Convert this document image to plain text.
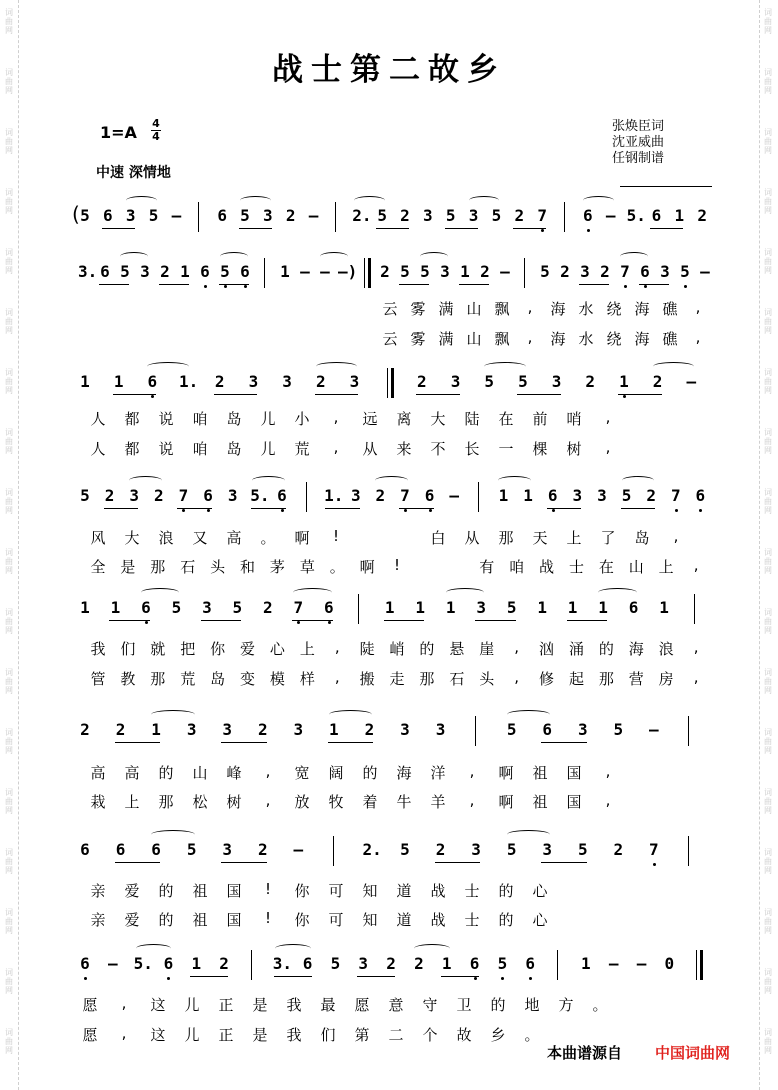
词
曲
网
词
曲
网
词
曲
网
词
曲
网
词
曲
网
词
曲
网
词
曲
网
词
曲
网
词
曲
网
词
曲
网
词
曲
网
词
曲
网
词
曲
网
词
曲
网
词
曲
网
词
曲
网
词
曲
网
词
曲
网
词
曲
网
词
曲
网
词
曲
网
词
曲
网
词
曲
网
词
曲
网
词
曲
网
词
曲
网
词
曲
网
词
曲
网
词
曲
网
词
曲
网
词
曲
网
词
曲
网
词
曲
网
词
曲
网
词
曲
网
词
曲
网
战士第二故乡
$1=A \frac{4}{4}$
中速 深情地
张焕臣词
沈亚威曲
任钢制谱
( 5 6 3 5 – 6 5 3 2 – 2. 5 2 3 5 3 5 2 7 6 – 5. 6 1 2
3. 6 5 3 2 1 6 5 6 1 – – –) 2 5 5 3 1 2 – 5 2 3 2 7 6 3 5 –
1 1 6 1. 2 3 3 2 3	2 3 5 5 3 2 1 2 –
5 2 3 2 7 6 3 5. 6 1. 3 2 7 6 – 1 1 6 3 3 5 2 7 6
1 1 6 5 3 5 2 7 6	1 1 1 3 5 1 1 1 6 1
2 2 1 3 3 2 3 1 2 3 3	5 6 3 5 –
6 6 6 5 3 2 –	2. 5 2 3 5 3 5 2 7
6 – 5. 6 1 2	3. 6 5 3 2 2 1 6 5 6	1 – – 0
云 雾 满 山 飘	,	海 水 绕 海 礁	,
云 雾 满 山 飘	,	海 水 绕 海 礁	,
人 都 说 咱 岛 儿 小	,	远 离 大 陆 在 前 哨	,
人 都 说 咱 岛 儿 荒	,	从 来 不 长 一 棵 树	,
风 大 浪 又 高 。 啊	!	白 从 那 天 上 了 岛	,
全 是 那 石 头 和 茅 草 。 啊	!	有 咱 战 士 在 山 上	,
我 们 就 把 你 爱 心 上	,	陡 峭 的 悬 崖	,	汹 涌 的 海 浪	,
管 教 那 荒 岛 变 模 样	,	搬 走 那 石 头	,	修 起 那 营 房	,
高 高 的 山 峰	,	宽 阔 的 海 洋	,	啊 祖 国	,
栽 上 那 松 树	,	放 牧 着 牛 羊	,	啊 祖 国	,
亲 爱 的 祖 国	!	你 可 知 道 战 士 的 心
亲 爱 的 祖 国	!	你 可 知 道 战 士 的 心
愿	,	这 儿 正 是 我 最 愿 意 守 卫 的 地 方 。
愿	,	这 儿 正 是 我 们 第 二 个 故 乡 。
本曲谱源自 中国词曲网
